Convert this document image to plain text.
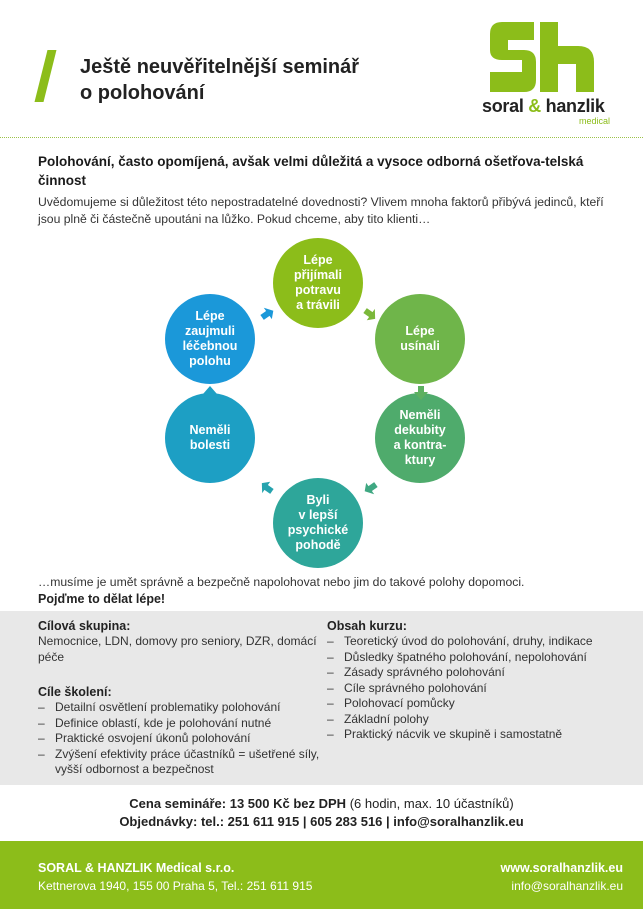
Ještě neuvěřitelnější seminář
o polohování
soral & hanzlik
medical
Polohování, často opomíjená, avšak velmi důležitá a vysoce odborná ošetřova-telská činnost
Uvědomujeme si důležitost této nepostradatelné dovednosti? Vlivem mnoha faktorů přibývá jedinců, kteří jsou plně či částečně upoutáni na lůžko. Pokud chceme, aby tito klienti…
Lépe
přijímali
potravu
a trávili
Lépe
usínali
Neměli
dekubity
a kontra-
ktury
Byli
v lepší
psychické
pohodě
Neměli
bolesti
Lépe
zaujmuli
léčebnou
polohu
…musíme je umět správně a bezpečně napolohovat nebo jim do takové polohy dopomoci.
Pojďme to dělat lépe!
Cílová skupina:
Nemocnice, LDN, domovy pro seniory, DZR, domácí péče
Cíle školení:
– Detailní osvětlení problematiky polohování
– Definice oblastí, kde je polohování nutné
– Praktické osvojení úkonů polohování
– Zvýšení efektivity práce účastníků = ušetřené síly, vyšší odbornost a bezpečnost
Obsah kurzu:
– Teoretický úvod do polohování, druhy, indikace
– Důsledky špatného polohování, nepolohování
– Zásady správného polohování
– Cíle správného polohování
– Polohovací pomůcky
– Základní polohy
– Praktický nácvik ve skupině i samostatně
Cena semináře: 13 500 Kč bez DPH (6 hodin, max. 10 účastníků)
Objednávky: tel.: 251 611 915 | 605 283 516 | info@soralhanzlik.eu
SORAL & HANZLIK Medical s.r.o.
Kettnerova 1940, 155 00 Praha 5, Tel.: 251 611 915
www.soralhanzlik.eu
info@soralhanzlik.eu
